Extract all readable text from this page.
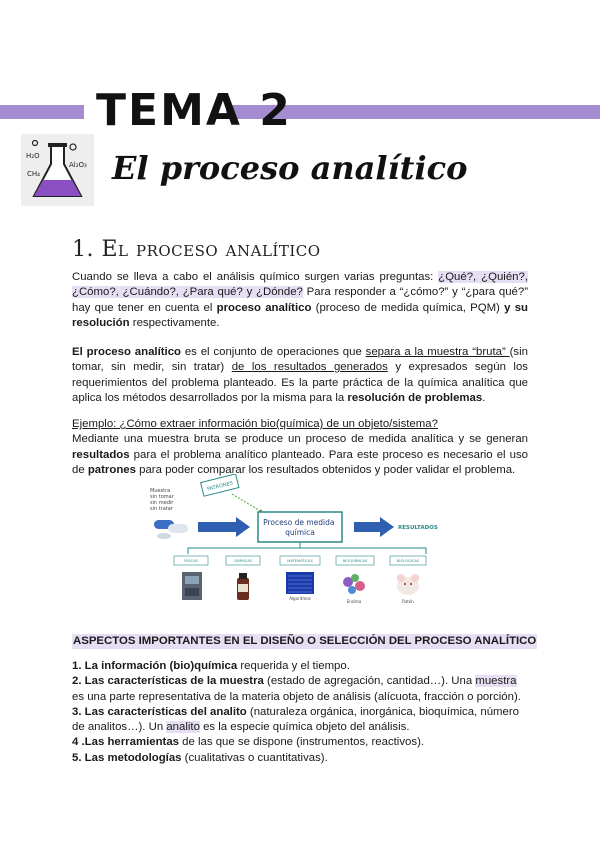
TEMA 2
H₂O
CH₄
Al₂O₃ El proceso analítico
1. El proceso analítico

Cuando se lleva a cabo el análisis químico surgen varias preguntas: ¿Qué?, ¿Quién?, ¿Cómo?, ¿Cuándo?, ¿Para qué? y ¿Dónde? Para responder a “¿cómo?” y “¿para qué?” hay que tener en cuenta el proceso analítico (proceso de medida química, PQM) y su resolución respectivamente.

El proceso analítico es el conjunto de operaciones que separa a la muestra “bruta” (sin tomar, sin medir, sin tratar) de los resultados generados y expresados según los requerimientos del problema planteado. Es la parte práctica de la química analítica que aplica los métodos desarrollados por la misma para la resolución de problemas.

Ejemplo: ¿Cómo extraer información bio(química) de un objeto/sistema?
Mediante una muestra bruta se produce un proceso de medida analítica y se generan resultados para el problema analítico planteado. Para este proceso es necesario el uso de patrones para poder comparar los resultados obtenidos y poder validar el problema.

Muestra sin tomar sin medir sin tratar
PATRONES
Proceso de medida química	RESULTADOS
FÍSICAS	QUÍMICAS	MATEMÁTICAS	BIOQUÍMICAS	BIOLÓGICAS
Algoritmos
Enzima	Ratón
ASPECTOS IMPORTANTES EN EL DISEÑO O SELECCIÓN DEL PROCESO ANALÍTICO
1. La información (bio)química requerida y el tiempo.
2. Las características de la muestra (estado de agregación, cantidad…). Una muestra es una parte representativa de la materia objeto de análisis (alícuota, fracción o porción).
3. Las características del analito (naturaleza orgánica, inorgánica, bioquímica, número de analitos…). Un analito es la especie química objeto del análisis.
4 .Las herramientas de las que se dispone (instrumentos, reactivos).
5. Las metodologías (cualitativas o cuantitativas).
